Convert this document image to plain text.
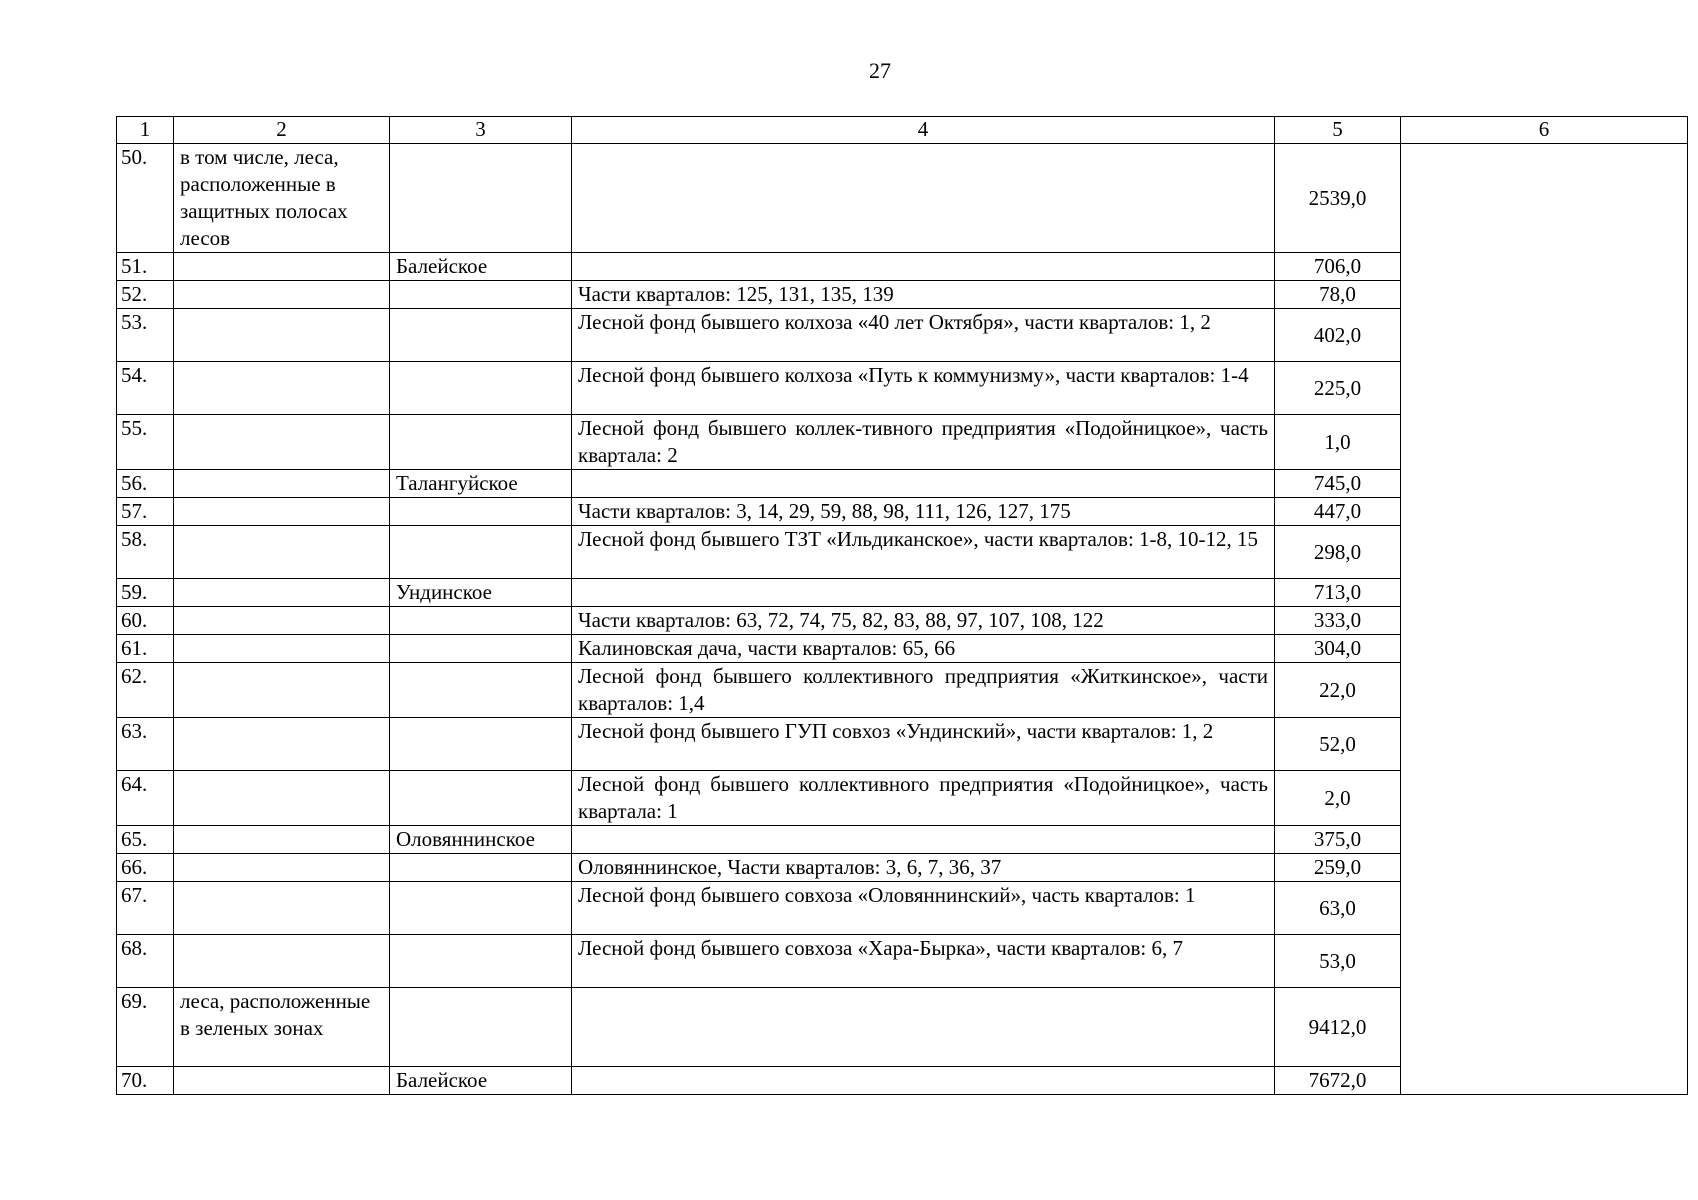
27
1	2	3	4	5	6
50.	в том числе, леса, расположенные в защитных полосах лесов			2539,0	
51.		Балейское		706,0	
52.			Части кварталов: 125, 131, 135, 139	78,0	
53.			Лесной фонд бывшего колхоза «40 лет Октября», части кварталов: 1, 2	402,0	
54.			Лесной фонд бывшего колхоза «Путь к коммунизму», части кварталов: 1-4	225,0	
55.			Лесной фонд бывшего коллек-тивного предприятия «Подойницкое», часть квартала: 2	1,0	
56.		Талангуйское		745,0	
57.			Части кварталов: 3, 14, 29, 59, 88, 98, 111, 126, 127, 175	447,0	
58.			Лесной фонд бывшего ТЗТ «Ильдиканское», части кварталов: 1-8, 10-12, 15	298,0	
59.		Ундинское		713,0	
60.			Части кварталов: 63, 72, 74, 75, 82, 83, 88, 97, 107, 108, 122	333,0	
61.			Калиновская дача, части кварталов: 65, 66	304,0	
62.			Лесной фонд бывшего коллективного предприятия «Житкинское», части кварталов: 1,4	22,0	
63.			Лесной фонд бывшего ГУП совхоз «Ундинский», части кварталов: 1, 2	52,0	
64.			Лесной фонд бывшего коллективного предприятия «Подойницкое», часть квартала: 1	2,0	
65.		Оловяннинское		375,0	
66.			Оловяннинское, Части кварталов: 3, 6, 7, 36, 37	259,0	
67.			Лесной фонд бывшего совхоза «Оловяннинский», часть кварталов: 1	63,0	
68.			Лесной фонд бывшего совхоза «Хара-Бырка», части кварталов: 6, 7	53,0	
69.	леса, расположенные в зеленых зонах			9412,0	
70.		Балейское		7672,0	
